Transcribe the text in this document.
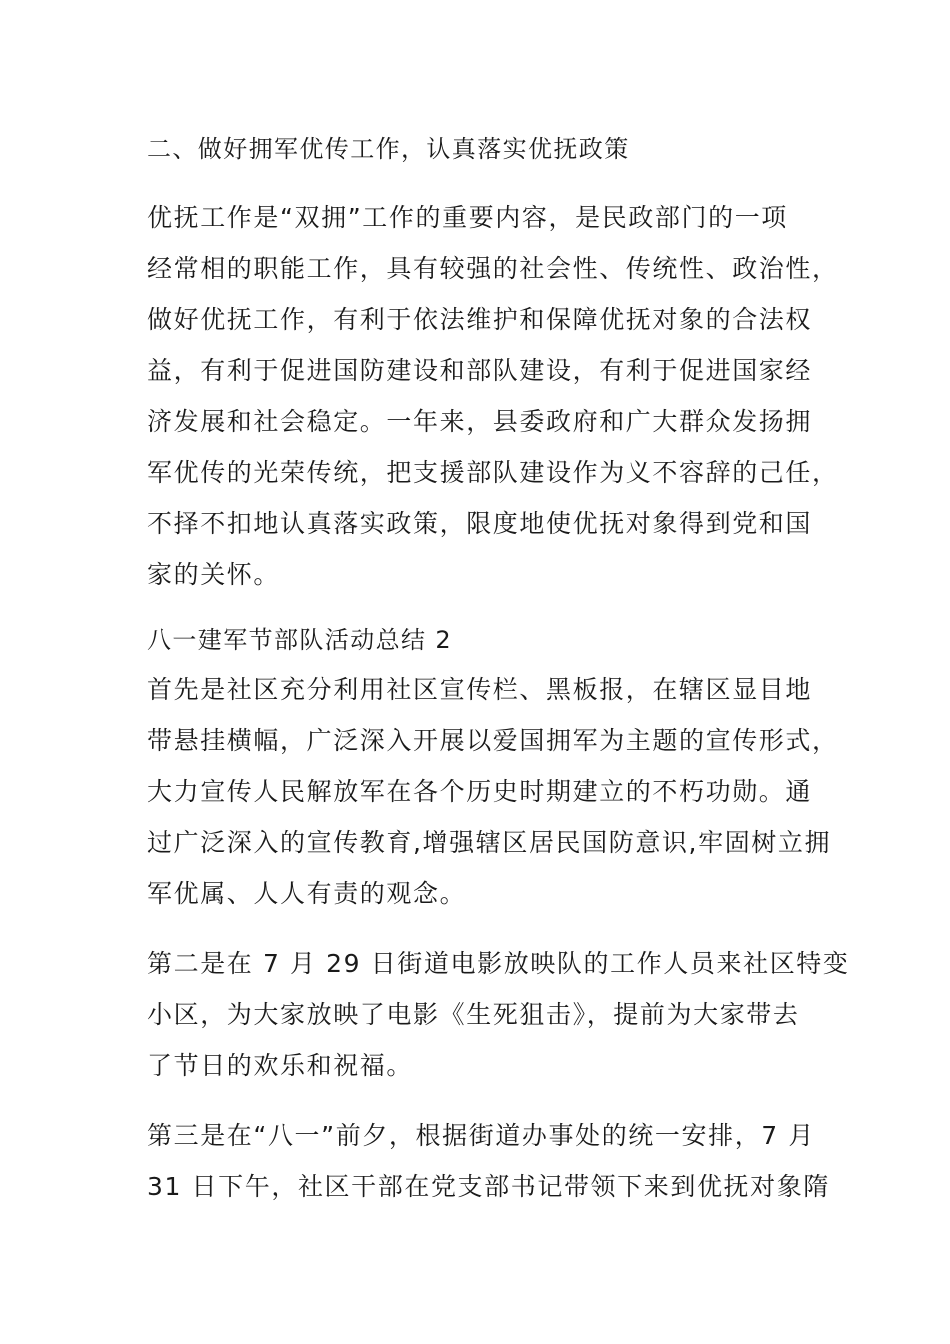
二、做好拥军优传工作，认真落实优抚政策
优抚工作是“双拥”工作的重要内容，是民政部门的一项
经常相的职能工作，具有较强的社会性、传统性、政治性，
做好优抚工作，有利于依法维护和保障优抚对象的合法权
益，有利于促进国防建设和部队建设，有利于促进国家经
济发展和社会稳定。一年来，县委政府和广大群众发扬拥
军优传的光荣传统，把支援部队建设作为义不容辞的己任，
不择不扣地认真落实政策，限度地使优抚对象得到党和国
家的关怀。
八一建军节部队活动总结 2
首先是社区充分利用社区宣传栏、黑板报，在辖区显目地
带悬挂横幅，广泛深入开展以爱国拥军为主题的宣传形式，
大力宣传人民解放军在各个历史时期建立的不朽功勋。通
过广泛深入的宣传教育,增强辖区居民国防意识,牢固树立拥
军优属、人人有责的观念。
第二是在 7 月 29 日街道电影放映队的工作人员来社区特变
小区，为大家放映了电影《生死狙击》，提前为大家带去
了节日的欢乐和祝福。
第三是在“八一”前夕，根据街道办事处的统一安排，7 月
31 日下午，社区干部在党支部书记带领下来到优抚对象隋
